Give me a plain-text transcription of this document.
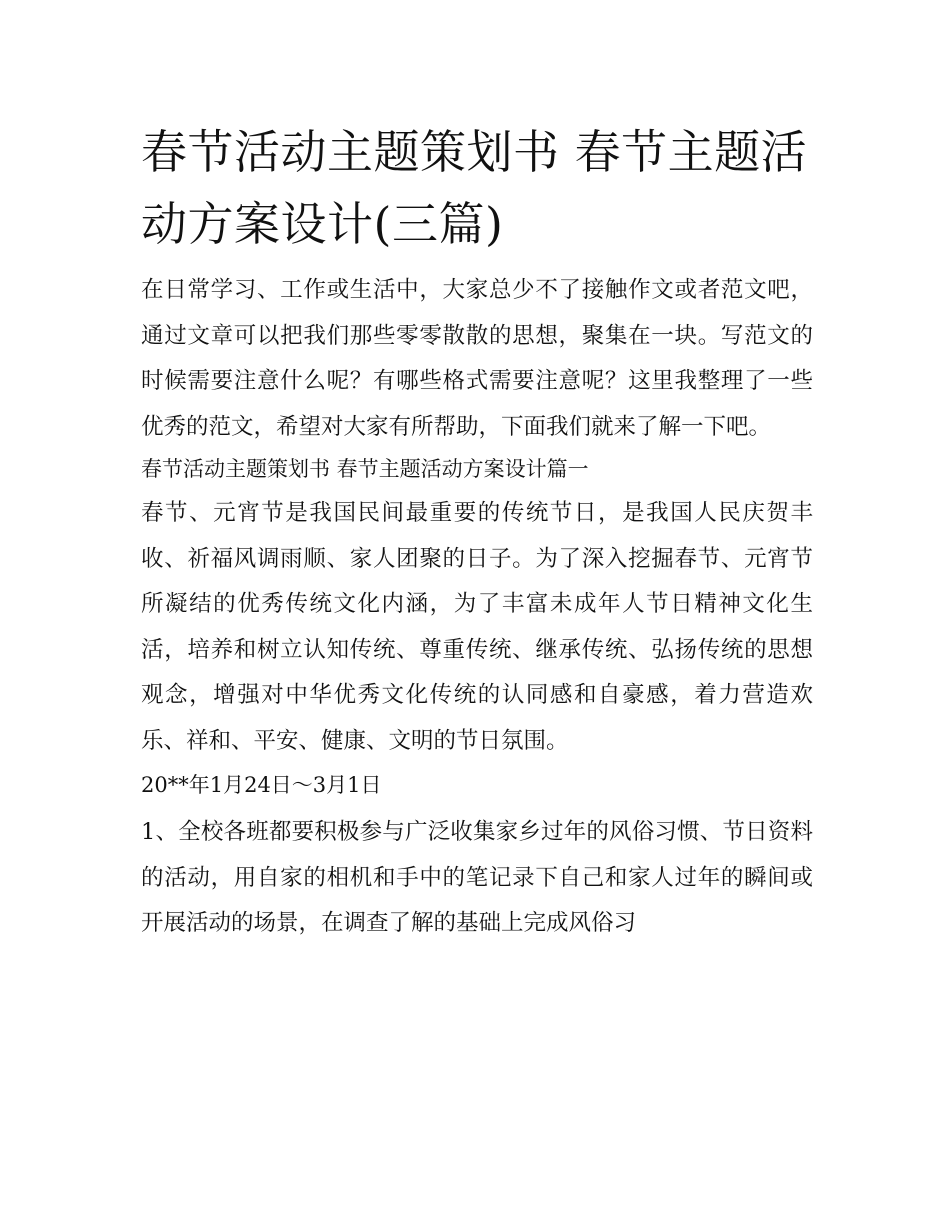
春节活动主题策划书 春节主题活动方案设计(三篇)

在日常学习、工作或生活中，大家总少不了接触作文或者范文吧，通过文章可以把我们那些零零散散的思想，聚集在一块。写范文的时候需要注意什么呢？有哪些格式需要注意呢？这里我整理了一些优秀的范文，希望对大家有所帮助，下面我们就来了解一下吧。

春节活动主题策划书 春节主题活动方案设计篇一

春节、元宵节是我国民间最重要的传统节日，是我国人民庆贺丰收、祈福风调雨顺、家人团聚的日子。为了深入挖掘春节、元宵节所凝结的优秀传统文化内涵，为了丰富未成年人节日精神文化生活，培养和树立认知传统、尊重传统、继承传统、弘扬传统的思想观念，增强对中华优秀文化传统的认同感和自豪感，着力营造欢乐、祥和、平安、健康、文明的节日氛围。

20**年1月24日～3月1日

1、全校各班都要积极参与广泛收集家乡过年的风俗习惯、节日资料的活动，用自家的相机和手中的笔记录下自己和家人过年的瞬间或开展活动的场景，在调查了解的基础上完成风俗习
